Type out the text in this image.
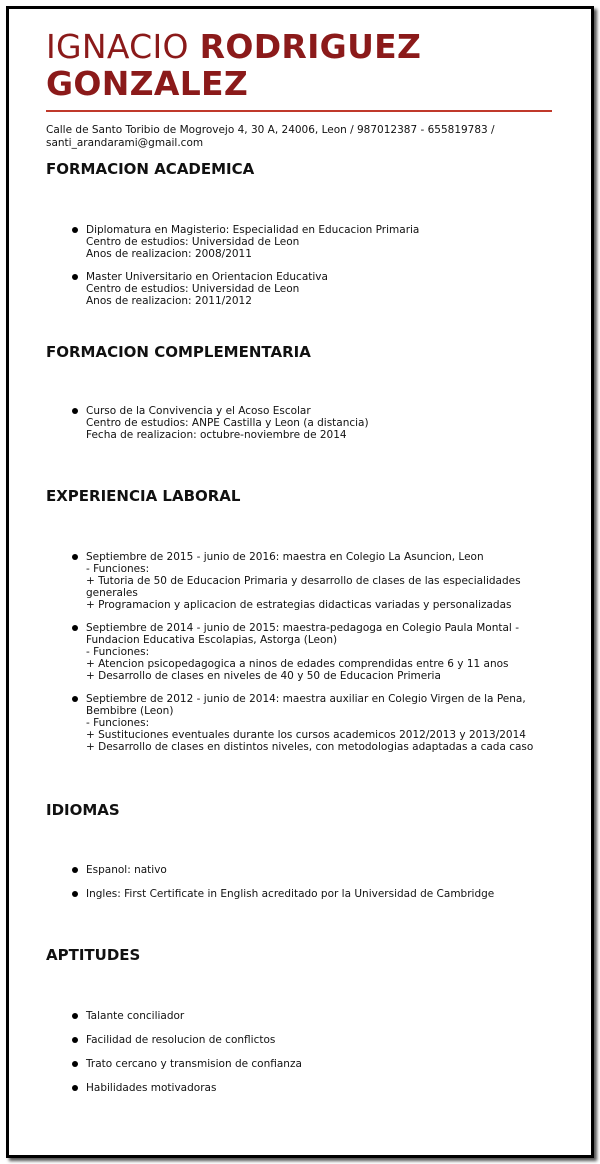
IGNACIO RODRIGUEZ
GONZALEZ
Calle de Santo Toribio de Mogrovejo 4, 30 A, 24006, Leon / 987012387 - 655819783 / santi_arandarami@gmail.com
FORMACION ACADEMICA
Diplomatura en Magisterio: Especialidad en Educacion Primaria
Centro de estudios: Universidad de Leon
Anos de realizacion: 2008/2011
Master Universitario en Orientacion Educativa
Centro de estudios: Universidad de Leon
Anos de realizacion: 2011/2012
FORMACION COMPLEMENTARIA
Curso de la Convivencia y el Acoso Escolar
Centro de estudios: ANPE Castilla y Leon (a distancia)
Fecha de realizacion: octubre-noviembre de 2014
EXPERIENCIA LABORAL
Septiembre de 2015 - junio de 2016: maestra en Colegio La Asuncion, Leon
- Funciones:
+ Tutoria de 50 de Educacion Primaria y desarrollo de clases de las especialidades generales
+ Programacion y aplicacion de estrategias didacticas variadas y personalizadas
Septiembre de 2014 - junio de 2015: maestra-pedagoga en Colegio Paula Montal - Fundacion Educativa Escolapias, Astorga (Leon)
- Funciones:
+ Atencion psicopedagogica a ninos de edades comprendidas entre 6 y 11 anos
+ Desarrollo de clases en niveles de 40 y 50 de Educacion Primeria
Septiembre de 2012 - junio de 2014: maestra auxiliar en Colegio Virgen de la Pena, Bembibre (Leon)
- Funciones:
+ Sustituciones eventuales durante los cursos academicos 2012/2013 y 2013/2014
+ Desarrollo de clases en distintos niveles, con metodologias adaptadas a cada caso
IDIOMAS
Espanol: nativo
Ingles: First Certificate in English acreditado por la Universidad de Cambridge
APTITUDES
Talante conciliador
Facilidad de resolucion de conflictos
Trato cercano y transmision de confianza
Habilidades motivadoras
